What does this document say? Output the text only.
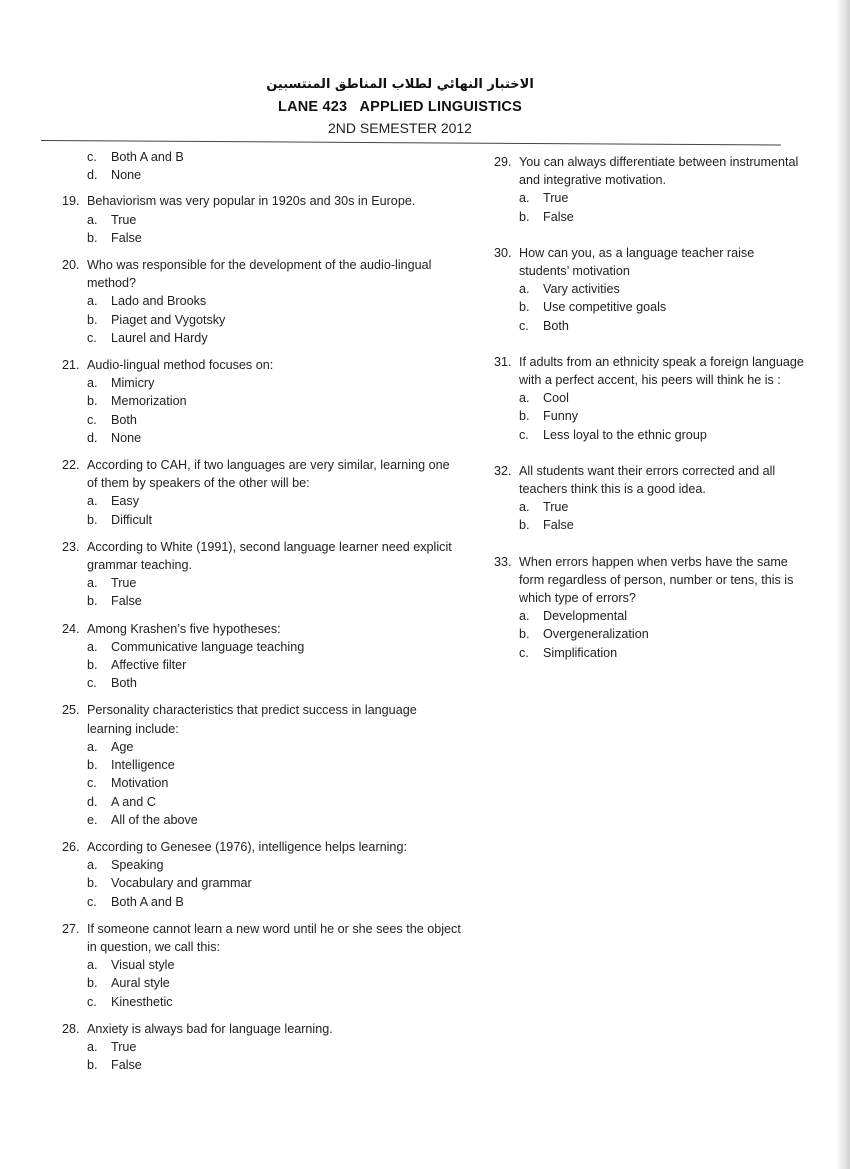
الاختبار النهائي لطلاب المناطق المنتسبين
LANE 423   APPLIED LINGUISTICS
2ND SEMESTER 2012
c.	Both A and B
d.	None
19. Behaviorism was very popular in 1920s and 30s in Europe.
a.	True
b.	False
20. Who was responsible for the development of the audio-lingual method?
a.	Lado and Brooks
b.	Piaget and Vygotsky
c.	Laurel and Hardy
21. Audio-lingual method focuses on:
a.	Mimicry
b.	Memorization
c.	Both
d.	None
22. According to CAH, if two languages are very similar, learning one of them by speakers of the other will be:
a.	Easy
b.	Difficult
23. According to White (1991), second language learner need explicit grammar teaching.
a.	True
b.	False
24. Among Krashen’s five hypotheses:
a.	Communicative language teaching
b.	Affective filter
c.	Both
25. Personality characteristics that predict success in language learning include:
a.	Age
b.	Intelligence
c.	Motivation
d.	A and C
e.	All of the above
26. According to Genesee (1976), intelligence helps learning:
a.	Speaking
b.	Vocabulary and grammar
c.	Both A and B
27. If someone cannot learn a new word until he or she sees the object in question, we call this:
a.	Visual style
b.	Aural style
c.	Kinesthetic
28. Anxiety is always bad for language learning.
a.	True
b.	False
29. You can always differentiate between instrumental and integrative motivation.
a.	True
b.	False
30. How can you, as a language teacher raise students’ motivation
a.	Vary activities
b.	Use competitive goals
c.	Both
31. If adults from an ethnicity speak a foreign language with a perfect accent, his peers will think he is :
a.	Cool
b.	Funny
c.	Less loyal to the ethnic group
32. All students want their errors corrected and all teachers think this is a good idea.
a.	True
b.	False
33. When errors happen when verbs have the same form regardless of person, number or tens, this is which type of errors?
a.	Developmental
b.	Overgeneralization
c.	Simplification
